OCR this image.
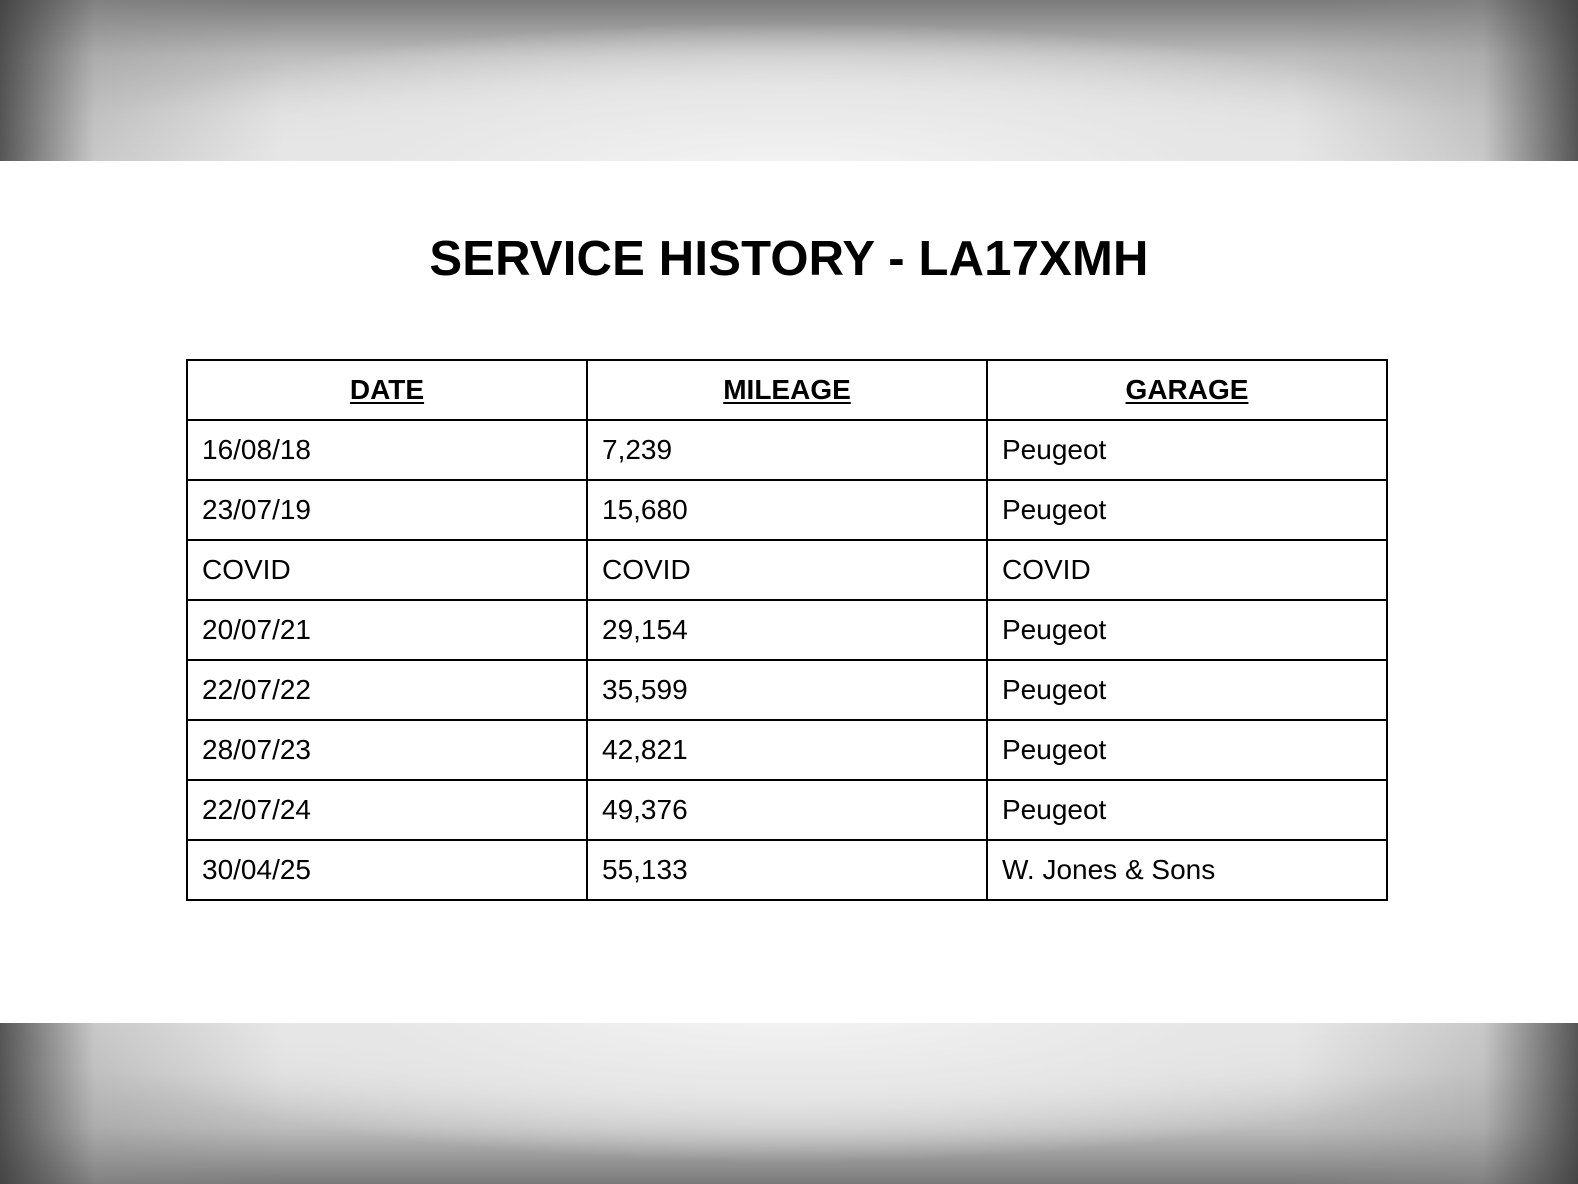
SERVICE HISTORY - LA17XMH
DATE	MILEAGE	GARAGE
16/08/18	7,239	Peugeot
23/07/19	15,680	Peugeot
COVID	COVID	COVID
20/07/21	29,154	Peugeot
22/07/22	35,599	Peugeot
28/07/23	42,821	Peugeot
22/07/24	49,376	Peugeot
30/04/25	55,133	W. Jones & Sons
